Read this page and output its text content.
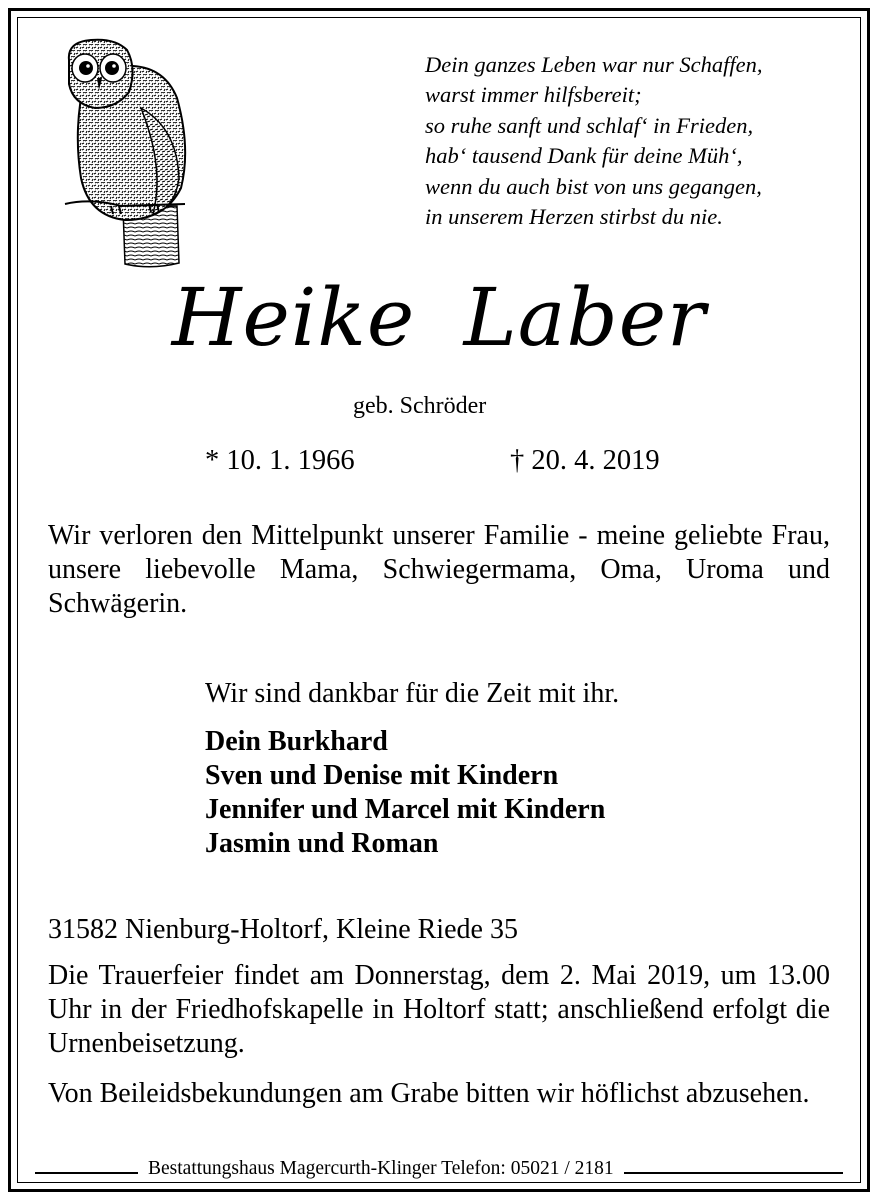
Dein ganzes Leben war nur Schaffen,
warst immer hilfsbereit;
so ruhe sanft und schlaf‘ in Frieden,
hab‘ tausend Dank für deine Müh‘,
wenn du auch bist von uns gegangen,
in unserem Herzen stirbst du nie.
Heike Laber
geb. Schröder
* 10. 1. 1966	† 20. 4. 2019
Wir verloren den Mittelpunkt unserer Familie - meine geliebte Frau, unsere liebevolle Mama, Schwiegermama, Oma, Uroma und Schwägerin.
Wir sind dankbar für die Zeit mit ihr.
Dein Burkhard
Sven und Denise mit Kindern
Jennifer und Marcel mit Kindern
Jasmin und Roman
31582 Nienburg-Holtorf, Kleine Riede 35
Die Trauerfeier findet am Donnerstag, dem 2. Mai 2019, um 13.00 Uhr in der Friedhofskapelle in Holtorf statt; anschließend erfolgt die Urnenbeisetzung.
Von Beileidsbekundungen am Grabe bitten wir höflichst abzusehen.
Bestattungshaus Magercurth-Klinger Telefon: 05021 / 2181
